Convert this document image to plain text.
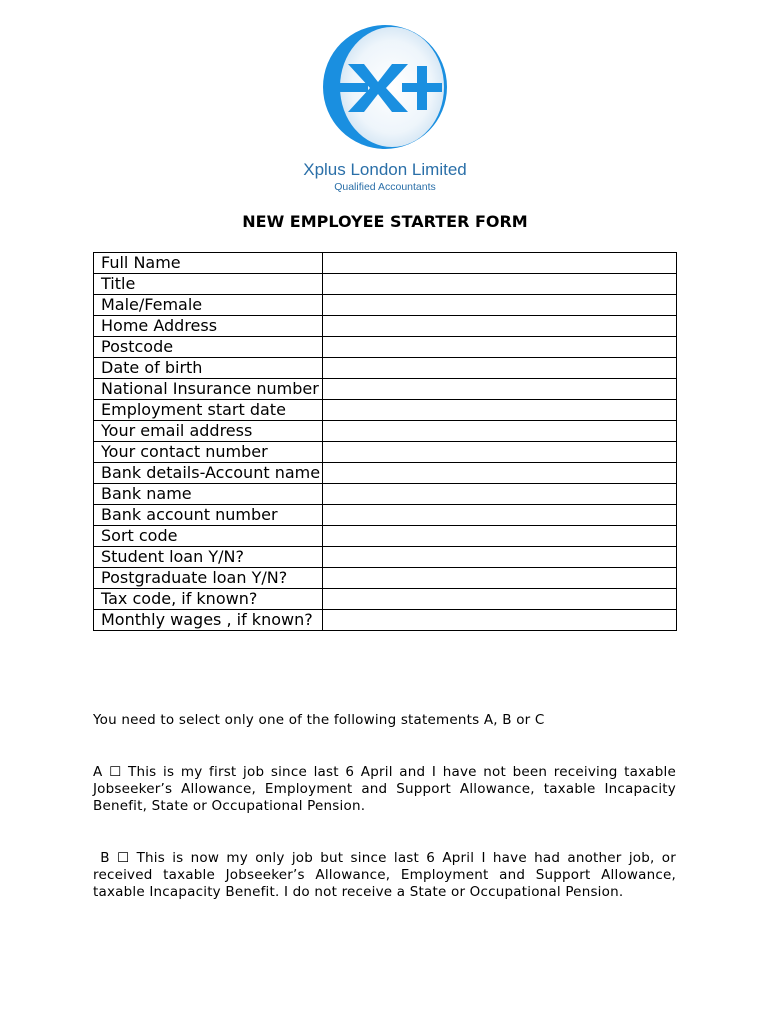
Xplus London Limited
Qualified Accountants
NEW EMPLOYEE STARTER FORM
Full Name	
Title	
Male/Female	
Home Address	
Postcode	
Date of birth	
National Insurance number	
Employment start date	
Your email address	
Your contact number	
Bank details-Account name	
Bank name	
Bank account number	
Sort code	
Student loan Y/N?	
Postgraduate loan Y/N?	
Tax code, if known?	
Monthly wages , if known?	
You need to select only one of the following statements A, B or C
A ☐ This is my first job since last 6 April and I have not been receiving taxable Jobseeker’s Allowance, Employment and Support Allowance, taxable Incapacity Benefit, State or Occupational Pension.
B ☐ This is now my only job but since last 6 April I have had another job, or received taxable Jobseeker’s Allowance, Employment and Support Allowance, taxable Incapacity Benefit. I do not receive a State or Occupational Pension.
